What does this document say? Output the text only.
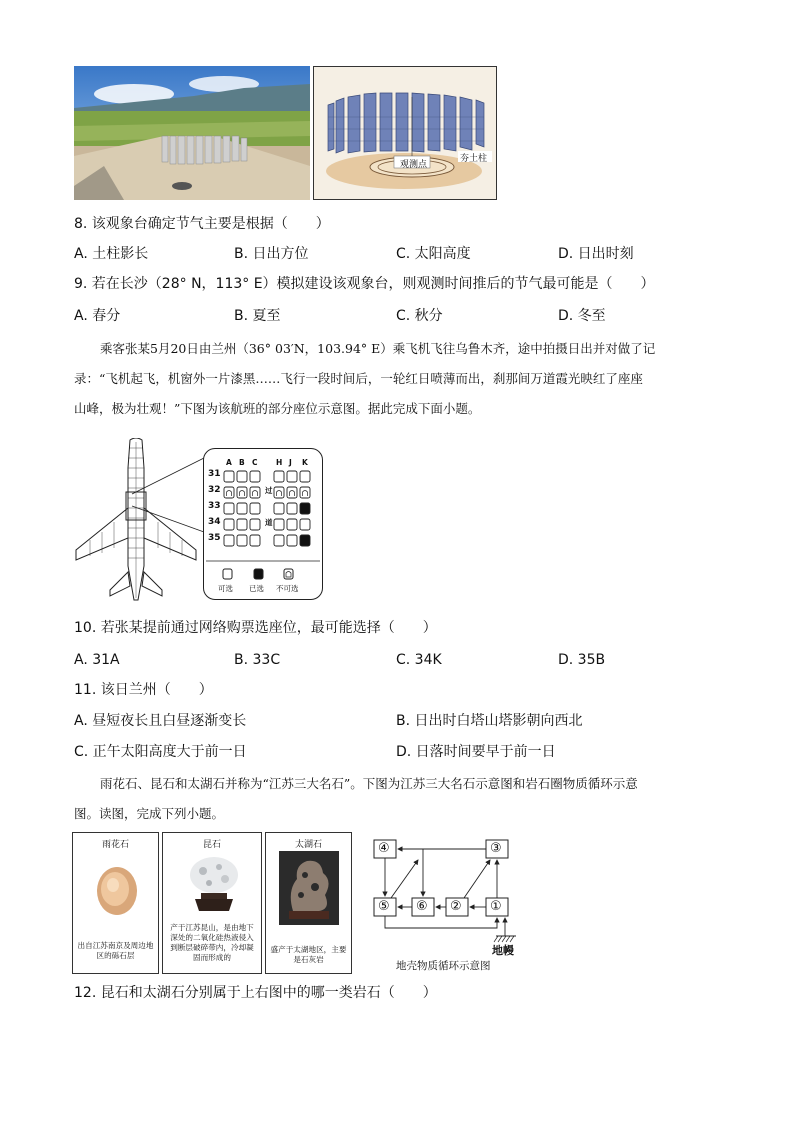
观测点
夯土柱
8. 该观象台确定节气主要是根据（　　）
A. 土柱影长	B. 日出方位	C. 太阳高度	D. 日出时刻
9. 若在长沙（28° N，113° E）模拟建设该观象台，则观测时间推后的节气最可能是（　　）
A. 春分	B. 夏至	C. 秋分	D. 冬至
乘客张某5月20日由兰州（36° 03′N，103.94° E）乘飞机飞往乌鲁木齐，途中拍摄日出并对做了记
录：“飞机起飞，机窗外一片漆黑……飞行一段时间后，一轮红日喷薄而出，刹那间万道霞光映红了座座
山峰，极为壮观！”下图为该航班的部分座位示意图。据此完成下面小题。
A B C H J K
31
32
33
34
35
过
道
可选 已选 不可选
10. 若张某提前通过网络购票选座位，最可能选择（　　）
A. 31A	B. 33C	C. 34K	D. 35B
11. 该日兰州（　　）
A. 昼短夜长且白昼逐渐变长	B. 日出时白塔山塔影朝向西北
C. 正午太阳高度大于前一日	D. 日落时间要早于前一日
雨花石、昆石和太湖石并称为“江苏三大名石”。下图为江苏三大名石示意图和岩石圈物质循环示意
图。读图，完成下列小题。
雨花石
出自江苏南京及周边地区的砾石层
昆石
产于江苏昆山，是由地下深处的二氧化硅热液侵入到断层破碎带内，冷却凝固而形成的
太湖石
盛产于太湖地区，主要是石灰岩
④	③
⑤ ⑥ ② ①
地幔
地壳物质循环示意图
12. 昆石和太湖石分别属于上右图中的哪一类岩石（　　）
